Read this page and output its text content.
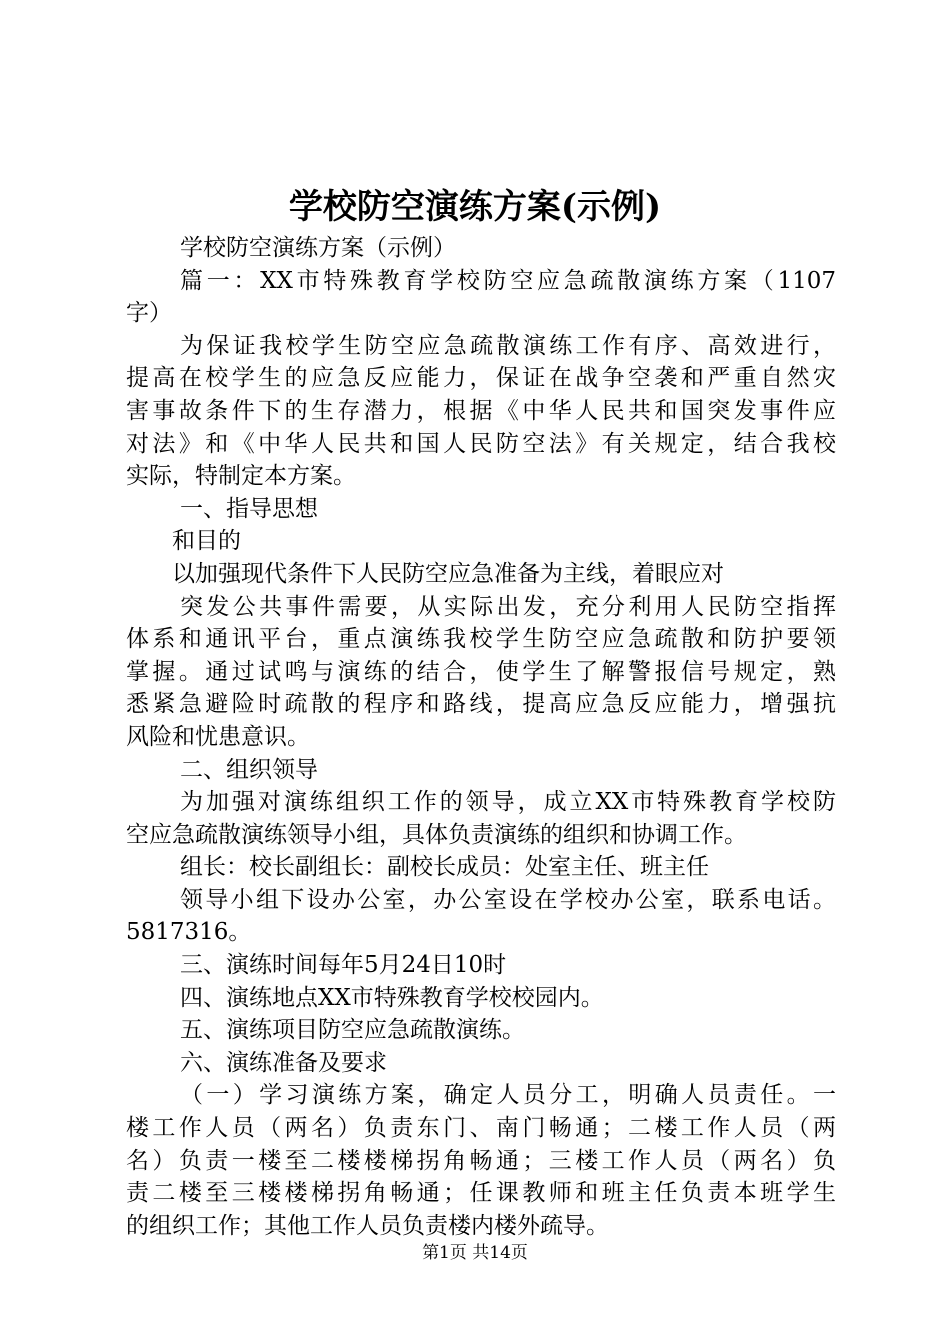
学校防空演练方案(示例)
学校防空演练方案（示例）
篇一：XX市特殊教育学校防空应急疏散演练方案（1107
字）
为保证我校学生防空应急疏散演练工作有序、高效进行，
提高在校学生的应急反应能力，保证在战争空袭和严重自然灾
害事故条件下的生存潜力，根据《中华人民共和国突发事件应
对法》和《中华人民共和国人民防空法》有关规定，结合我校
实际，特制定本方案。
一、指导思想
和目的
以加强现代条件下人民防空应急准备为主线，着眼应对
突发公共事件需要，从实际出发，充分利用人民防空指挥
体系和通讯平台，重点演练我校学生防空应急疏散和防护要领
掌握。通过试鸣与演练的结合，使学生了解警报信号规定，熟
悉紧急避险时疏散的程序和路线，提高应急反应能力，增强抗
风险和忧患意识。
二、组织领导
为加强对演练组织工作的领导，成立XX市特殊教育学校防
空应急疏散演练领导小组，具体负责演练的组织和协调工作。
组长：校长副组长：副校长成员：处室主任、班主任
领导小组下设办公室，办公室设在学校办公室，联系电话。
5817316。
三、演练时间每年5月24日10时
四、演练地点XX市特殊教育学校校园内。
五、演练项目防空应急疏散演练。
六、演练准备及要求
（一）学习演练方案，确定人员分工，明确人员责任。一
楼工作人员（两名）负责东门、南门畅通；二楼工作人员（两
名）负责一楼至二楼楼梯拐角畅通；三楼工作人员（两名）负
责二楼至三楼楼梯拐角畅通；任课教师和班主任负责本班学生
的组织工作；其他工作人员负责楼内楼外疏导。
第1页 共14页
